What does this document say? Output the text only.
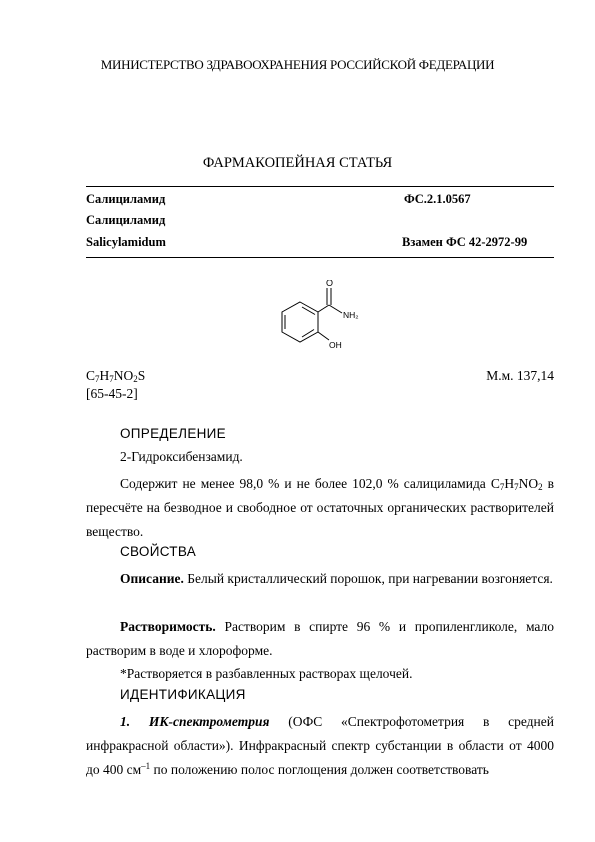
МИНИСТЕРСТВО ЗДРАВООХРАНЕНИЯ РОССИЙСКОЙ ФЕДЕРАЦИИ
ФАРМАКОПЕЙНАЯ СТАТЬЯ
Салициламид	ФС.2.1.0567
Салициламид
Salicylamidum	Взамен ФС 42-2972-99
O
NH₂
OH
$C_7H_7NO_2S$	М.м. 137,14
[65-45-2]
ОПРЕДЕЛЕНИЕ
2-Гидроксибензамид.
Содержит не менее 98,0 % и не более 102,0 % салициламида $C_7H_7NO_2$ в пересчёте на безводное и свободное от остаточных органических растворителей вещество.
СВОЙСТВА
Описание. Белый кристаллический порошок, при нагревании возгоняется.
Растворимость. Растворим в спирте 96 % и пропиленгликоле, мало растворим в воде и хлороформе.
*Растворяется в разбавленных растворах щелочей.
ИДЕНТИФИКАЦИЯ
1. ИК-спектрометрия (ОФС «Спектрофотометрия в средней инфракрасной области»). Инфракрасный спектр субстанции в области от 4000 до 400 $см^{-1}$ по положению полос поглощения должен соответствовать
